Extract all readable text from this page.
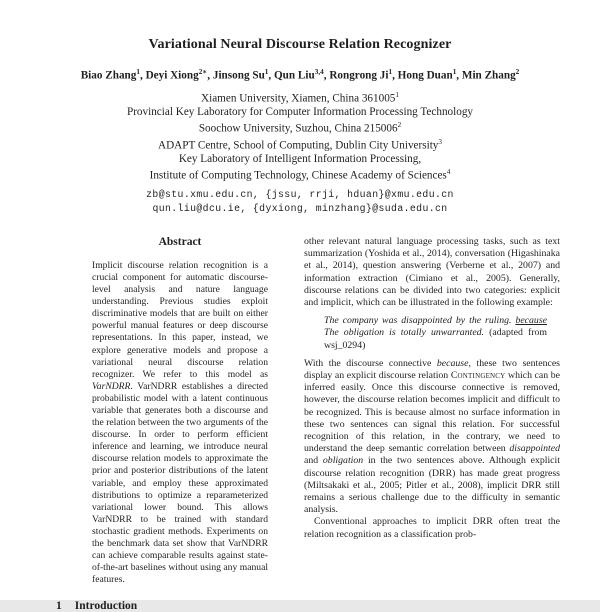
Variational Neural Discourse Relation Recognizer
Biao Zhang$^1$, Deyi Xiong$^{2∗}$, Jinsong Su$^1$, Qun Liu$^{3,4}$, Rongrong Ji$^1$, Hong Duan$^1$, Min Zhang$^2$
Xiamen University, Xiamen, China 361005$^1$
Provincial Key Laboratory for Computer Information Processing Technology
Soochow University, Suzhou, China 215006$^2$
ADAPT Centre, School of Computing, Dublin City University$^3$
Key Laboratory of Intelligent Information Processing,
Institute of Computing Technology, Chinese Academy of Sciences$^4$
zb@stu.xmu.edu.cn, {jssu, rrji, hduan}@xmu.edu.cn
qun.liu@dcu.ie, {dyxiong, minzhang}@suda.edu.cn
Abstract

Implicit discourse relation recognition is a crucial component for automatic discourse-level analysis and nature language understanding. Previous studies exploit discriminative models that are built on either powerful manual features or deep discourse representations. In this paper, instead, we explore generative models and propose a variational neural discourse relation recognizer. We refer to this model as VarNDRR. VarNDRR establishes a directed probabilistic model with a latent continuous variable that generates both a discourse and the relation between the two arguments of the discourse. In order to perform efficient inference and learning, we introduce neural discourse relation models to approximate the prior and posterior distributions of the latent variable, and employ these approximated distributions to optimize a reparameterized variational lower bound. This allows VarNDRR to be trained with standard stochastic gradient methods. Experiments on the benchmark data set show that VarNDRR can achieve comparable results against state-of-the-art baselines without using any manual features.

1 Introduction

other relevant natural language processing tasks, such as text summarization (Yoshida et al., 2014), conversation (Higashinaka et al., 2014), question answering (Verberne et al., 2007) and information extraction (Cimiano et al., 2005). Generally, discourse relations can be divided into two categories: explicit and implicit, which can be illustrated in the following example:

The company was disappointed by the ruling. because The obligation is totally unwarranted. (adapted from wsj_0294)

With the discourse connective because, these two sentences display an explicit discourse relation Contingency which can be inferred easily. Once this discourse connective is removed, however, the discourse relation becomes implicit and difficult to be recognized. This is because almost no surface information in these two sentences can signal this relation. For successful recognition of this relation, in the contrary, we need to understand the deep semantic correlation between disappointed and obligation in the two sentences above. Although explicit discourse relation recognition (DRR) has made great progress (Miltsakaki et al., 2005; Pitler et al., 2008), implicit DRR still remains a serious challenge due to the difficulty in semantic analysis.

Conventional approaches to implicit DRR often treat the relation recognition as a classification prob-
